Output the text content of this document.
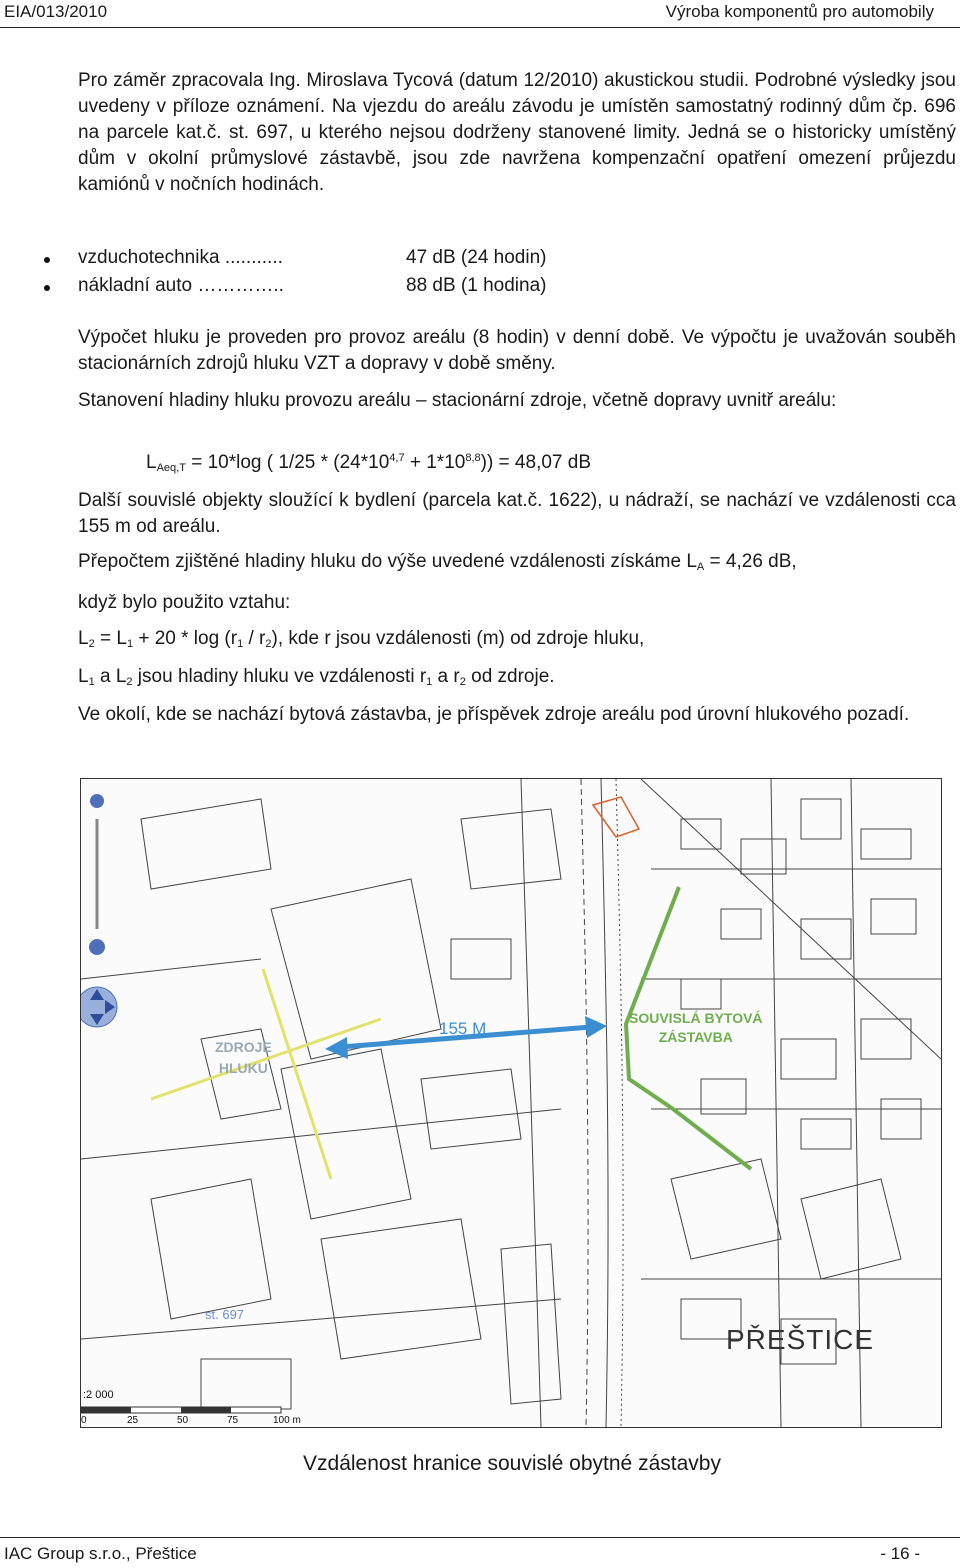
EIA/013/2010	Výroba komponentů pro automobily
Pro záměr zpracovala Ing. Miroslava Tycová (datum 12/2010) akustickou studii. Podrobné výsledky jsou uvedeny v příloze oznámení. Na vjezdu do areálu závodu je umístěn samostatný rodinný dům čp. 696 na parcele kat.č. st. 697, u kterého nejsou dodrženy stanovené limity. Jedná se o historicky umístěný dům v okolní průmyslové zástavbě, jsou zde navržena kompenzační opatření omezení průjezdu kamiónů v nočních hodinách.
vzduchotechnika ...........	47 dB (24 hodin)
nákladní auto …………..	88 dB (1 hodina)
Výpočet hluku je proveden pro provoz areálu (8 hodin) v denní době. Ve výpočtu je uvažován souběh stacionárních zdrojů hluku VZT a dopravy v době směny.
Stanovení hladiny hluku provozu areálu – stacionární zdroje, včetně dopravy uvnitř areálu:
$L_{Aeq,T} = 10*\log$ ( $1/25 * (24*10^{4,7} + 1*10^{8,8})) = 48,07$ dB
Další souvislé objekty sloužící k bydlení (parcela kat.č. 1622), u nádraží, se nachází ve vzdálenosti cca 155 m od areálu.
Přepočtem zjištěné hladiny hluku do výše uvedené vzdálenosti získáme $L_A = 4,26$ dB,
když bylo použito vztahu:
$L_2 = L_1 + 20 * \log (r_1 / r_2)$, kde r jsou vzdálenosti (m) od zdroje hluku,
$L_1$ a $L_2$ jsou hladiny hluku ve vzdálenosti $r_1$ a $r_2$ od zdroje.
Ve okolí, kde se nachází bytová zástavba, je příspěvek zdroje areálu pod úrovní hlukového pozadí.
ZDROJE
HLUKU
155 M
SOUVISLÁ BYTOVÁ
ZÁSTAVBA
st. 697
PŘEŠTICE
:2 000
0	25	50	75	100 m
Vzdálenost hranice souvislé obytné zástavby
IAC Group s.r.o., Přeštice	- 16 -
